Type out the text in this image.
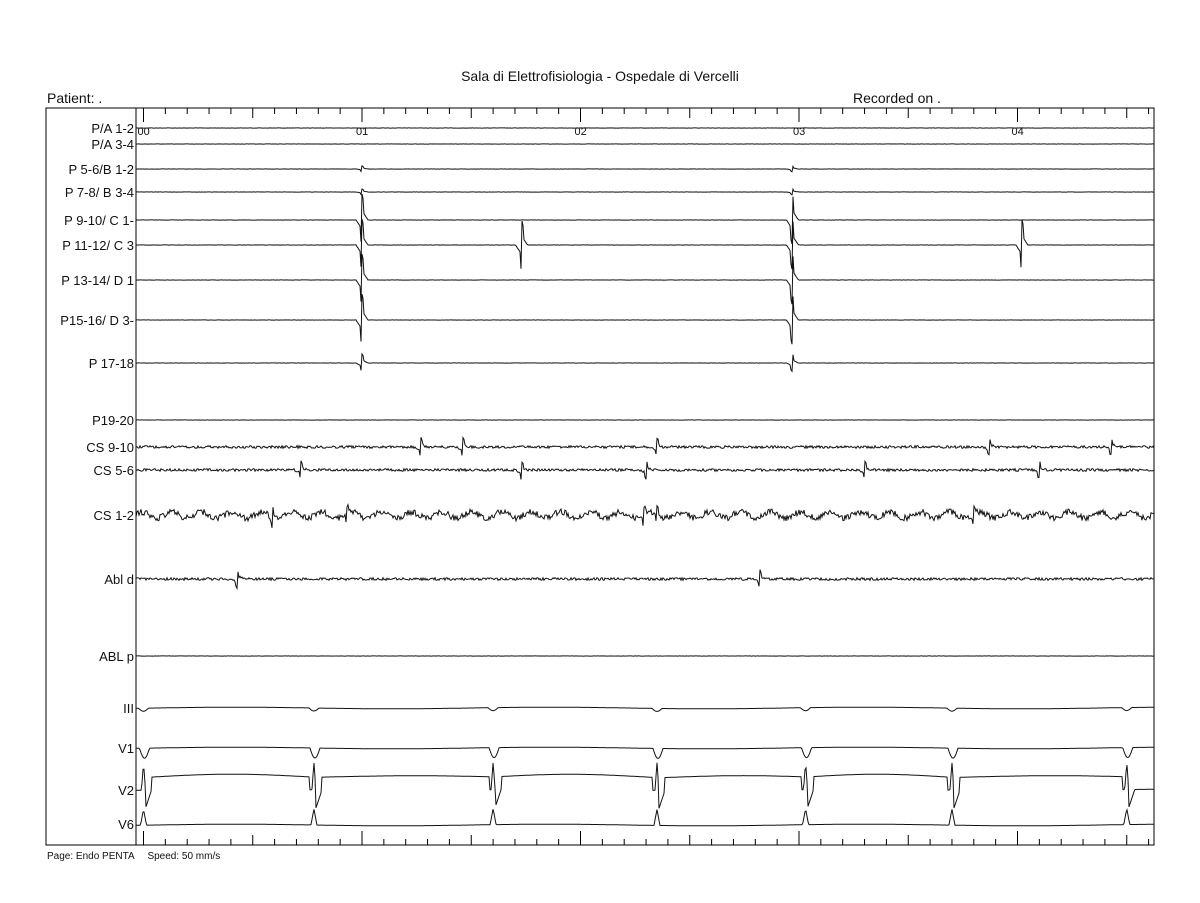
Sala di Elettrofisiologia - Ospedale di Vercelli
Patient: .	Recorded on .
00	01	02	03	04
P/A 1-2
P/A 3-4
P 5-6/B 1-2
P 7-8/ B 3-4
P 9-10/ C 1-
P 11-12/ C 3
P 13-14/ D 1
P15-16/ D 3-
P 17-18
P19-20
CS 9-10
CS 5-6
CS 1-2
Abl d
ABL p
III
V1
V2
V6
Page: Endo PENTA Speed: 50 mm/s
